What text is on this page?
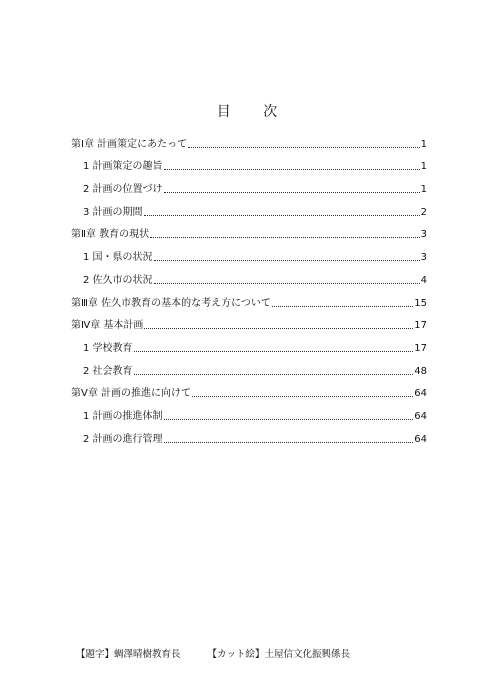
目 次
第Ⅰ章 計画策定にあたって	1
1 計画策定の趣旨	1
2 計画の位置づけ	1
3 計画の期間	2
第Ⅱ章 教育の現状	3
1 国・県の状況	3
2 佐久市の状況	4
第Ⅲ章 佐久市教育の基本的な考え方について	15
第Ⅳ章 基本計画	17
1 学校教育	17
2 社会教育	48
第Ⅴ章 計画の推進に向けて	64
1 計画の推進体制	64
2 計画の進行管理	64
【題字】蜩澤晴樹教育長	【カット絵】土屋信文化振興係長
